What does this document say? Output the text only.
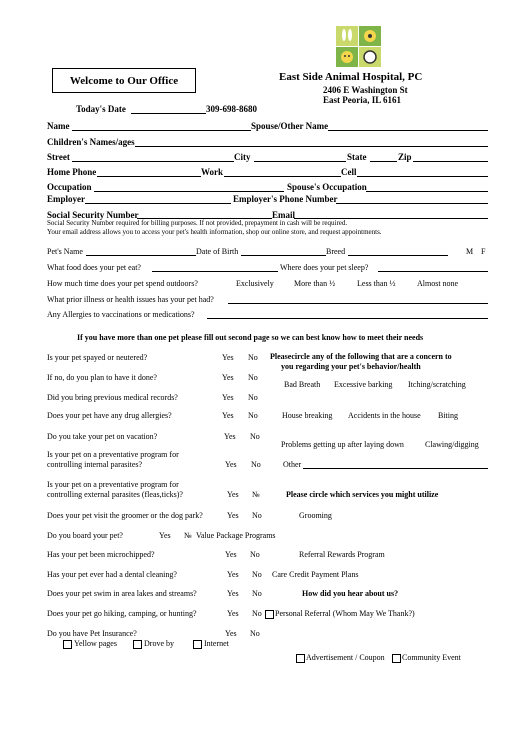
Welcome to Our Office	East Side Animal Hospital, PC
2406 E Washington St
East Peoria, IL 6161
Today's Date	309-698-8680
Name	Spouse/Other Name
Children's Names/ages
Street	City	State	Zip
Home Phone	Work	Cell
Occupation	Spouse's Occupation
Employer	Employer's Phone Number
Social Security Number	Email
Social Security Number required for billing purposes. If not provided, prepayment in cash will be required.
Your email address allows you to access your pet's health information, shop our online store, and request appointments.
Pet's Name	Date of Birth	Breed	M F
What food does your pet eat?	Where does your pet sleep?
How much time does your pet spend outdoors?	Exclusively	More than ½	Less than ½	Almost none
What prior illness or health issues has your pet had?
Any Allergies to vaccinations or medications?
If you have more than one pet please fill out second page so we can best know how to meet their needs
Is your pet spayed or neutered?	Yes No
If no, do you plan to have it done?	Yes No
Did you bring previous medical records?	Yes No
Does your pet have any drug allergies?	Yes No
Do you take your pet on vacation?	Yes No
Is your pet on a preventative program for
controlling internal parasites?	Yes No
Is your pet on a preventative program for
controlling external parasites (fleas,ticks)?	Yes №
Does your pet visit the groomer or the dog park?	Yes No
Do you board your pet?	Yes № Value Package Programs
Has your pet been microchipped?	Yes No
Has your pet ever had a dental cleaning?	Yes No
Does your pet swim in area lakes and streams?	Yes No
Does your pet go hiking, camping, or hunting?	Yes No
Do you have Pet Insurance?	Yes No
Yellow pages	Drove by	Internet
Pleasecircle any of the following that are a concern to
you regarding your pet's behavior/health
Bad Breath Excessive barking Itching/scratching
House breaking Accidents in the house Biting
Problems getting up after laying down	Clawing/digging
Other
Please circle which services you might utilize
Grooming
Referral Rewards Program
Care Credit Payment Plans
How did you hear about us?
Personal Referral (Whom May We Thank?)
Advertisement / Coupon Community Event
